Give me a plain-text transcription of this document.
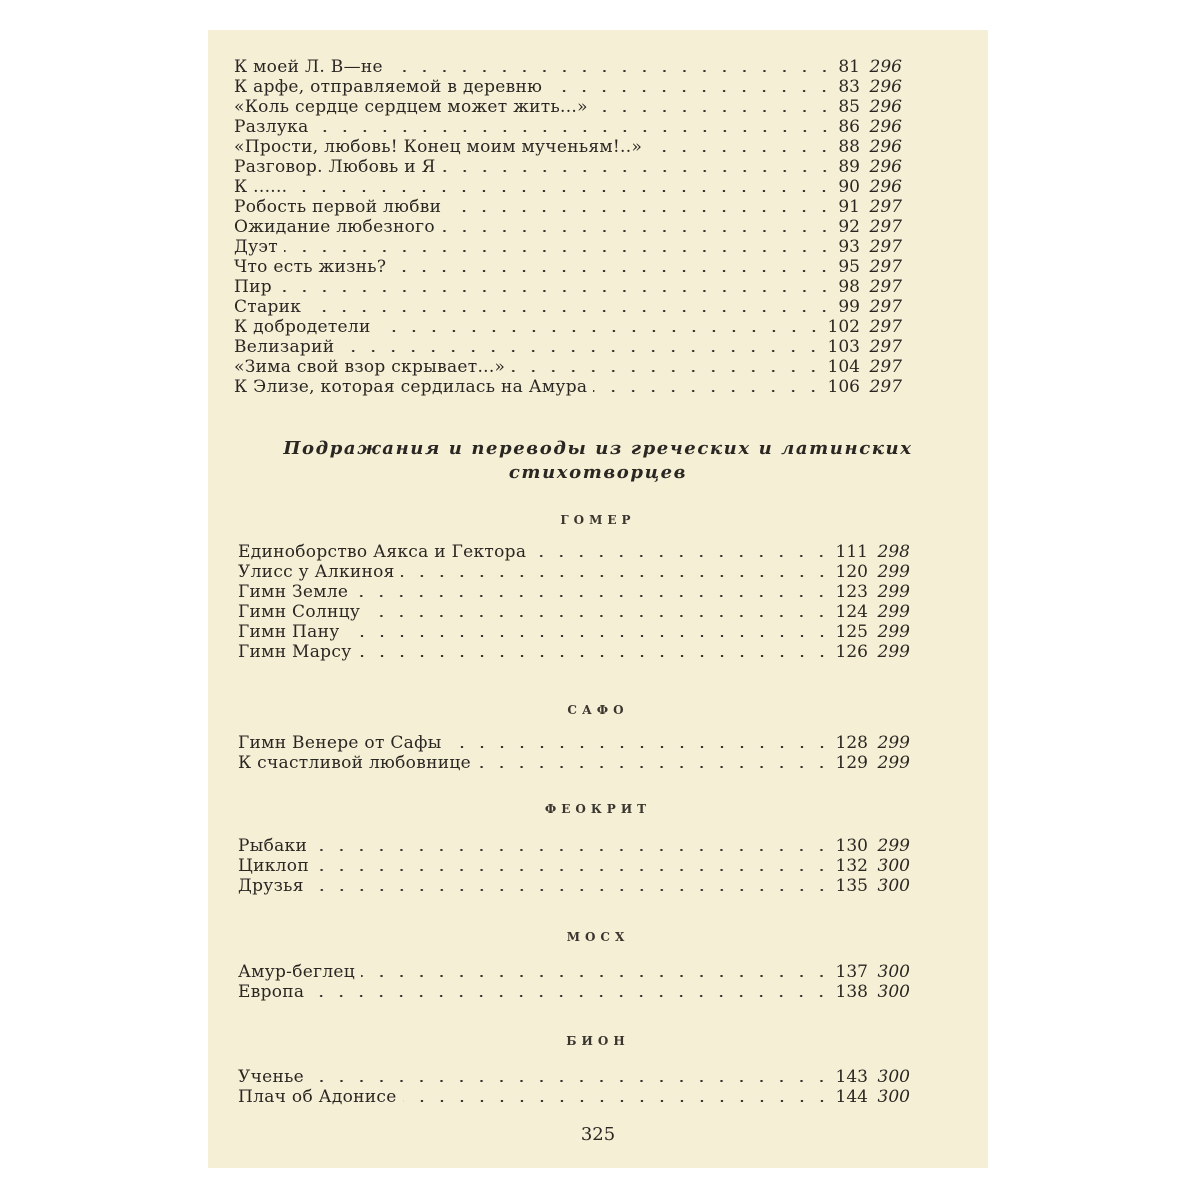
К моей Л. В—не	81 296
К арфе, отправляемой в деревню	83 296
«Коль сердце сердцем может жить...»	85 296
Разлука	86 296
«Прости, любовь! Конец моим мученьям!..»	88 296
Разговор. Любовь и Я	89 296
К ......	90 296
Робость первой любви	91 297
Ожидание любезного	92 297
Дуэт	93 297
Что есть жизнь?	95 297
Пир	98 297
Старик	99 297
К добродетели	102 297
Велизарий	103 297
«Зима свой взор скрывает...»	104 297
К Элизе, которая сердилась на Амура	106 297
Подражания и переводы из греческих и латинских
стихотворцев
ГОМЕР
Единоборство Аякса и Гектора	111 298
Улисс у Алкиноя	120 299
Гимн Земле	123 299
Гимн Солнцу	124 299
Гимн Пану	125 299
Гимн Марсу	126 299
САФО
Гимн Венере от Сафы	128 299
К счастливой любовнице	129 299
ФЕОКРИТ
Рыбаки	130 299
Циклоп	132 300
Друзья	135 300
МОСХ
Амур-беглец	137 300
Европа	138 300
БИОН
Ученье	143 300
Плач об Адонисе	144 300
325
